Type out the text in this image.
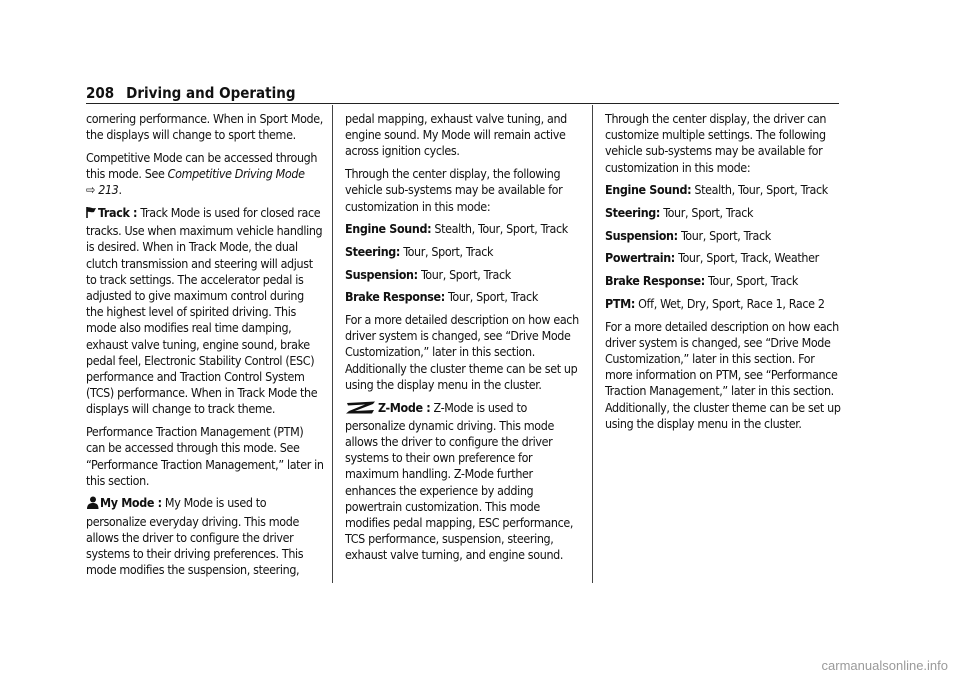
208 Driving and Operating

cornering performance. When in Sport Mode, the displays will change to sport theme.

Competitive Mode can be accessed through this mode. See Competitive Driving Mode
⇨ 213.

Track : Track Mode is used for closed race tracks. Use when maximum vehicle handling is desired. When in Track Mode, the dual clutch transmission and steering will adjust to track settings. The accelerator pedal is adjusted to give maximum control during the highest level of spirited driving. This mode also modifies real time damping, exhaust valve tuning, engine sound, brake pedal feel, Electronic Stability Control (ESC) performance and Traction Control System (TCS) performance. When in Track Mode the displays will change to track theme.

Performance Traction Management (PTM) can be accessed through this mode. See “Performance Traction Management,” later in this section.

My Mode : My Mode is used to personalize everyday driving. This mode allows the driver to configure the driver systems to their driving preferences. This mode modifies the suspension, steering,

pedal mapping, exhaust valve tuning, and engine sound. My Mode will remain active across ignition cycles.

Through the center display, the following vehicle sub-systems may be available for customization in this mode:

Engine Sound: Stealth, Tour, Sport, Track

Steering: Tour, Sport, Track

Suspension: Tour, Sport, Track

Brake Response: Tour, Sport, Track

For a more detailed description on how each driver system is changed, see “Drive Mode Customization,” later in this section. Additionally the cluster theme can be set up using the display menu in the cluster.

Z-Mode : Z-Mode is used to personalize dynamic driving. This mode allows the driver to configure the driver systems to their own preference for maximum handling. Z-Mode further enhances the experience by adding powertrain customization. This mode modifies pedal mapping, ESC performance, TCS performance, suspension, steering, exhaust valve turning, and engine sound.

Through the center display, the driver can customize multiple settings. The following vehicle sub-systems may be available for customization in this mode:

Engine Sound: Stealth, Tour, Sport, Track

Steering: Tour, Sport, Track

Suspension: Tour, Sport, Track

Powertrain: Tour, Sport, Track, Weather

Brake Response: Tour, Sport, Track

PTM: Off, Wet, Dry, Sport, Race 1, Race 2

For a more detailed description on how each driver system is changed, see “Drive Mode Customization,” later in this section. For more information on PTM, see “Performance Traction Management,” later in this section. Additionally, the cluster theme can be set up using the display menu in the cluster.

carmanualsonline.info
